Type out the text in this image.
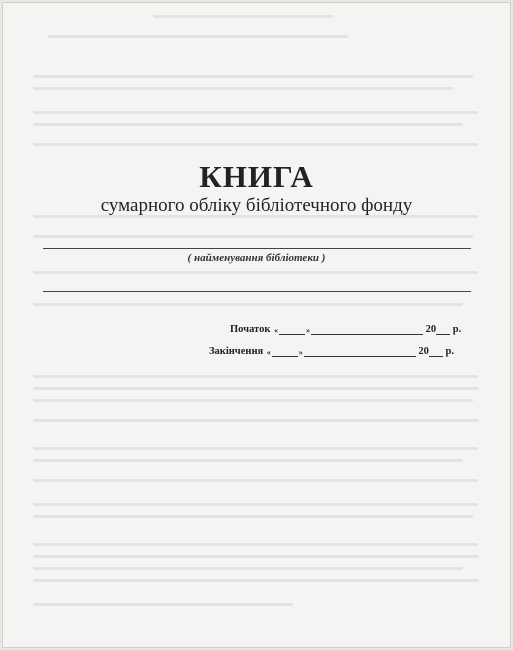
КНИГА
сумарного обліку бібліотечного фонду
( найменування бібліотеки )
Початок «	»	20 р.
Закінчення «	»	20 р.
